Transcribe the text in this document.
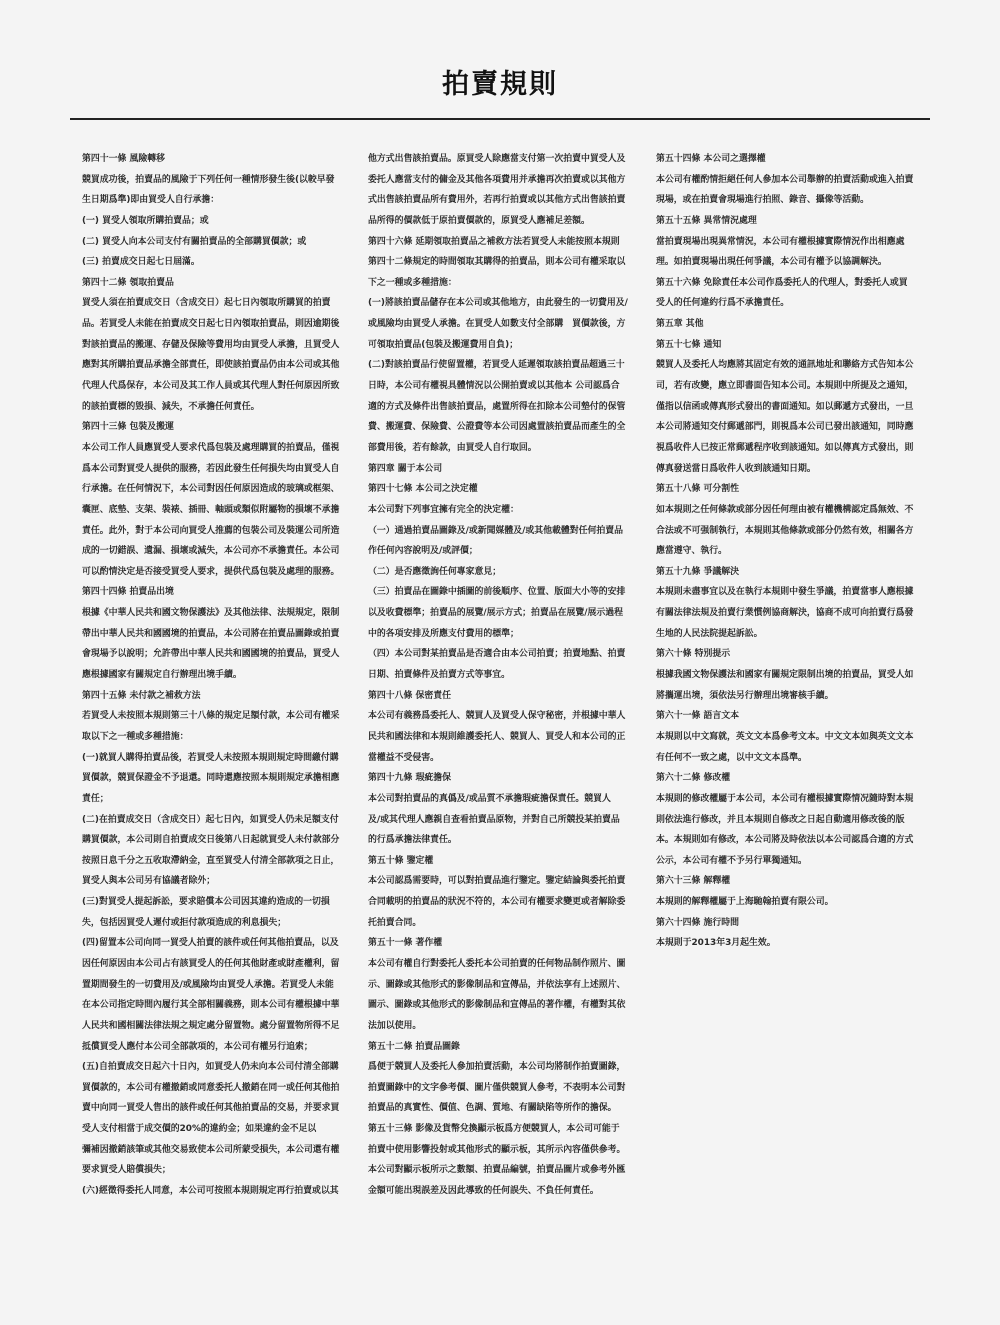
拍賣規則
第四十一條 風險轉移
競買成功後，拍賣品的風險于下列任何一種情形發生後(以較早發
生日期爲準)即由買受人自行承擔：
(一) 買受人領取所購拍賣品；或
(二) 買受人向本公司支付有關拍賣品的全部購買價款；或
(三) 拍賣成交日起七日屆滿。
第四十二條 領取拍賣品
買受人須在拍賣成交日（含成交日）起七日內領取所購買的拍賣
品。若買受人未能在拍賣成交日起七日內領取拍賣品，則因逾期後
對該拍賣品的搬運、存儲及保險等費用均由買受人承擔，且買受人
應對其所購拍賣品承擔全部責任，即使該拍賣品仍由本公司或其他
代理人代爲保存，本公司及其工作人員或其代理人對任何原因所致
的該拍賣標的毀損、減失，不承擔任何責任。
第四十三條 包裝及搬運
本公司工作人員應買受人要求代爲包裝及處理購買的拍賣品，僅視
爲本公司對買受人提供的服務，若因此發生任何損失均由買受人自
行承擔。在任何情況下，本公司對因任何原因造成的玻璃或框架、
囊匣、底墊、支架、裝裱、插冊、軸頭或類似附屬物的損壞不承擔
責任。此外，對于本公司向買受人推薦的包裝公司及裝運公司所造
成的一切錯誤、遺漏、損壞或減失，本公司亦不承擔責任。本公司
可以酌情決定是否接受買受人要求，提供代爲包裝及處理的服務。
第四十四條 拍賣品出境
根據《中華人民共和國文物保護法》及其他法律、法規規定，限制
帶出中華人民共和國國境的拍賣品，本公司將在拍賣品圖錄或拍賣
會現場予以說明；允許帶出中華人民共和國國境的拍賣品，買受人
應根據國家有關規定自行辦理出境手續。
第四十五條 未付款之補救方法
若買受人未按照本規則第三十八條的規定足額付款，本公司有權采
取以下之一種或多種措施：
(一)就買人購得拍賣品後，若買受人未按照本規則規定時間繳付購
買價款，競買保證金不予退還。同時還應按照本規則規定承擔相應
責任；
(二)在拍賣成交日（含成交日）起七日內，如買受人仍未足額支付
購買價款，本公司則自拍賣成交日後第八日起就買受人未付款部分
按照日息千分之五收取滯納金，直至買受人付清全部款項之日止，
買受人與本公司另有協議者除外；
(三)對買受人提起訴訟，要求賠償本公司因其違約造成的一切損
失，包括因買受人遲付或拒付款項造成的利息損失；
(四)留置本公司向同一買受人拍賣的該件或任何其他拍賣品，以及
因任何原因由本公司占有該買受人的任何其他財產或財產權利，留
置期間發生的一切費用及/或風險均由買受人承擔。若買受人未能
在本公司指定時間內履行其全部相關義務，則本公司有權根據中華
人民共和國相關法律法規之規定處分留置物。處分留置物所得不足
抵償買受人應付本公司全部款項的，本公司有權另行追索；
(五)自拍賣成交日起六十日內，如買受人仍未向本公司付清全部購
買價款的，本公司有權撤銷或同意委托人撤銷在同一或任何其他拍
賣中向同一買受人售出的該件或任何其他拍賣品的交易，并要求買
受人支付相當于成交價的20%的違約金；如果違約金不足以
彌補因撤銷該筆或其他交易致使本公司所蒙受損失，本公司還有權
要求買受人賠償損失；
(六)經徵得委托人同意，本公司可按照本規則規定再行拍賣或以其
他方式出售該拍賣品。原買受人除應當支付第一次拍賣中買受人及
委托人應當支付的傭金及其他各項費用并承擔再次拍賣或以其他方
式出售該拍賣品所有費用外，若再行拍賣或以其他方式出售該拍賣
品所得的價款低于原拍賣價款的，原買受人應補足差額。
第四十六條 延期領取拍賣品之補救方法若買受人未能按照本規則
第四十二條規定的時間領取其購得的拍賣品，則本公司有權采取以
下之一種或多種措施：
(一)將該拍賣品儲存在本公司或其他地方，由此發生的一切費用及/
或風險均由買受人承擔。在買受人如數支付全部購　買價款後，方
可領取拍賣品(包裝及搬運費用自負)；
(二)對該拍賣品行使留置權，若買受人延遲領取該拍賣品超過三十
日時，本公司有權視具體情況以公開拍賣或以其他本 公司認爲合
適的方式及條件出售該拍賣品，處置所得在扣除本公司墊付的保管
費、搬運費、保險費、公證費等本公司因處置該拍賣品而產生的全
部費用後，若有餘款，由買受人自行取回。
第四章 關于本公司
第四十七條 本公司之決定權
本公司對下列事宜擁有完全的決定權：
（一）通過拍賣品圖錄及/或新聞媒體及/或其他載體對任何拍賣品
作任何內容說明及/或評價；
（二）是否應徵詢任何專家意見；
（三）拍賣品在圖錄中插圖的前後順序、位置、版面大小等的安排
以及收費標準；拍賣品的展覽/展示方式；拍賣品在展覽/展示過程
中的各項安排及所應支付費用的標準；
（四）本公司對某拍賣品是否適合由本公司拍賣；拍賣地點、拍賣
日期、拍賣條件及拍賣方式等事宜。
第四十八條 保密責任
本公司有義務爲委托人、競買人及買受人保守秘密，并根據中華人
民共和國法律和本規則維護委托人、競買人、買受人和本公司的正
當權益不受侵害。
第四十九條 瑕疵擔保
本公司對拍賣品的真僞及/或品質不承擔瑕疵擔保責任。競買人
及/或其代理人應親自查看拍賣品原物，并對自己所競投某拍賣品
的行爲承擔法律責任。
第五十條 鑒定權
本公司認爲需要時，可以對拍賣品進行鑒定。鑒定結論與委托拍賣
合同載明的拍賣品的狀況不符的，本公司有權要求變更或者解除委
托拍賣合同。
第五十一條 著作權
本公司有權自行對委托人委托本公司拍賣的任何物品制作照片、圖
示、圖錄或其他形式的影像制品和宣傳品，并依法享有上述照片、
圖示、圖錄或其他形式的影像制品和宣傳品的著作權，有權對其依
法加以使用。
第五十二條 拍賣品圖錄
爲便于競買人及委托人參加拍賣活動，本公司均將制作拍賣圖錄，
拍賣圖錄中的文字參考價、圖片僅供競買人參考，不表明本公司對
拍賣品的真實性、價值、色調、質地、有關缺陷等所作的擔保。
第五十三條 影像及貨幣兌換顯示板爲方便競買人，本公司可能于
拍賣中使用影響投射或其他形式的顯示板，其所示內容僅供參考。
本公司對顯示板所示之數額、拍賣品編號，拍賣品圖片或參考外匯
金額可能出現誤差及因此導致的任何誤失、不負任何責任。
第五十四條 本公司之選擇權
本公司有權酌情拒絕任何人參加本公司舉辦的拍賣活動或進入拍賣
現場，或在拍賣會現場進行拍照、錄音、攝像等活動。
第五十五條 異常情況處理
當拍賣現場出現異常情況，本公司有權根據實際情況作出相應處
理。如拍賣現場出現任何爭議，本公司有權予以協調解決。
第五十六條 免除責任本公司作爲委托人的代理人，對委托人或買
受人的任何違約行爲不承擔責任。
第五章 其他
第五十七條 通知
競買人及委托人均應將其固定有效的通訊地址和聯絡方式告知本公
司，若有改變，應立即書面告知本公司。本規則中所提及之通知，
僅指以信函或傳真形式發出的書面通知。如以郵遞方式發出，一旦
本公司將通知交付郵遞部門，則視爲本公司已發出該通知，同時應
視爲收件人已按正常郵遞程序收到該通知。如以傳真方式發出，則
傳真發送當日爲收件人收到該通知日期。
第五十八條 可分割性
如本規則之任何條款或部分因任何理由被有權機構認定爲無效、不
合法或不可强制執行，本規則其他條款或部分仍然有效，相關各方
應當遵守、執行。
第五十九條 爭議解決
本規則未盡事宜以及在執行本規則中發生爭議，拍賣當事人應根據
有關法律法規及拍賣行業慣例協商解決，協商不成可向拍賣行爲發
生地的人民法院提起訴訟。
第六十條 特別提示
根據我國文物保護法和國家有關規定限制出境的拍賣品，買受人如
將攜運出境，須依法另行辦理出境審核手續。
第六十一條 語言文本
本規則以中文寫就，英文文本爲參考文本。中文文本如與英文文本
有任何不一致之處，以中文文本爲準。
第六十二條 修改權
本規則的修改權屬于本公司，本公司有權根據實際情况隨時對本規
則依法進行修改，并且本規則自修改之日起自動適用修改後的版
本。本規則如有修改，本公司將及時依法以本公司認爲合適的方式
公示，本公司有權不予另行單獨通知。
第六十三條 解釋權
本規則的解釋權屬于上海馳翰拍賣有限公司。
第六十四條 施行時間
本規則于2013年3月起生效。
